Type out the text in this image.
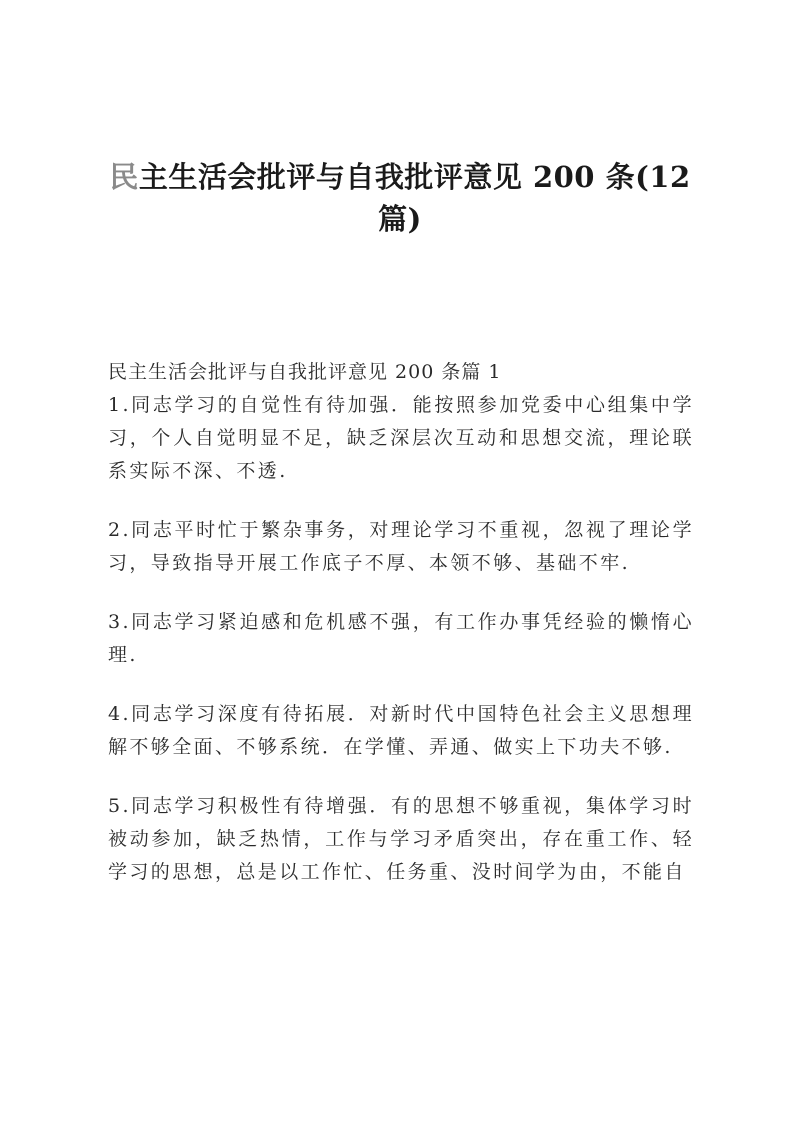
民主生活会批评与自我批评意见 200 条(12 篇)

民主生活会批评与自我批评意见 200 条篇 1

1.同志学习的自觉性有待加强．能按照参加党委中心组集中学习，个人自觉明显不足，缺乏深层次互动和思想交流，理论联系实际不深、不透.

2.同志平时忙于繁杂事务，对理论学习不重视，忽视了理论学习，导致指导开展工作底子不厚、本领不够、基础不牢.

3.同志学习紧迫感和危机感不强，有工作办事凭经验的懒惰心理.

4.同志学习深度有待拓展．对新时代中国特色社会主义思想理解不够全面、不够系统．在学懂、弄通、做实上下功夫不够.

5.同志学习积极性有待增强．有的思想不够重视，集体学习时被动参加，缺乏热情，工作与学习矛盾突出，存在重工作、轻学习的思想，总是以工作忙、任务重、没时间学为由，不能自
